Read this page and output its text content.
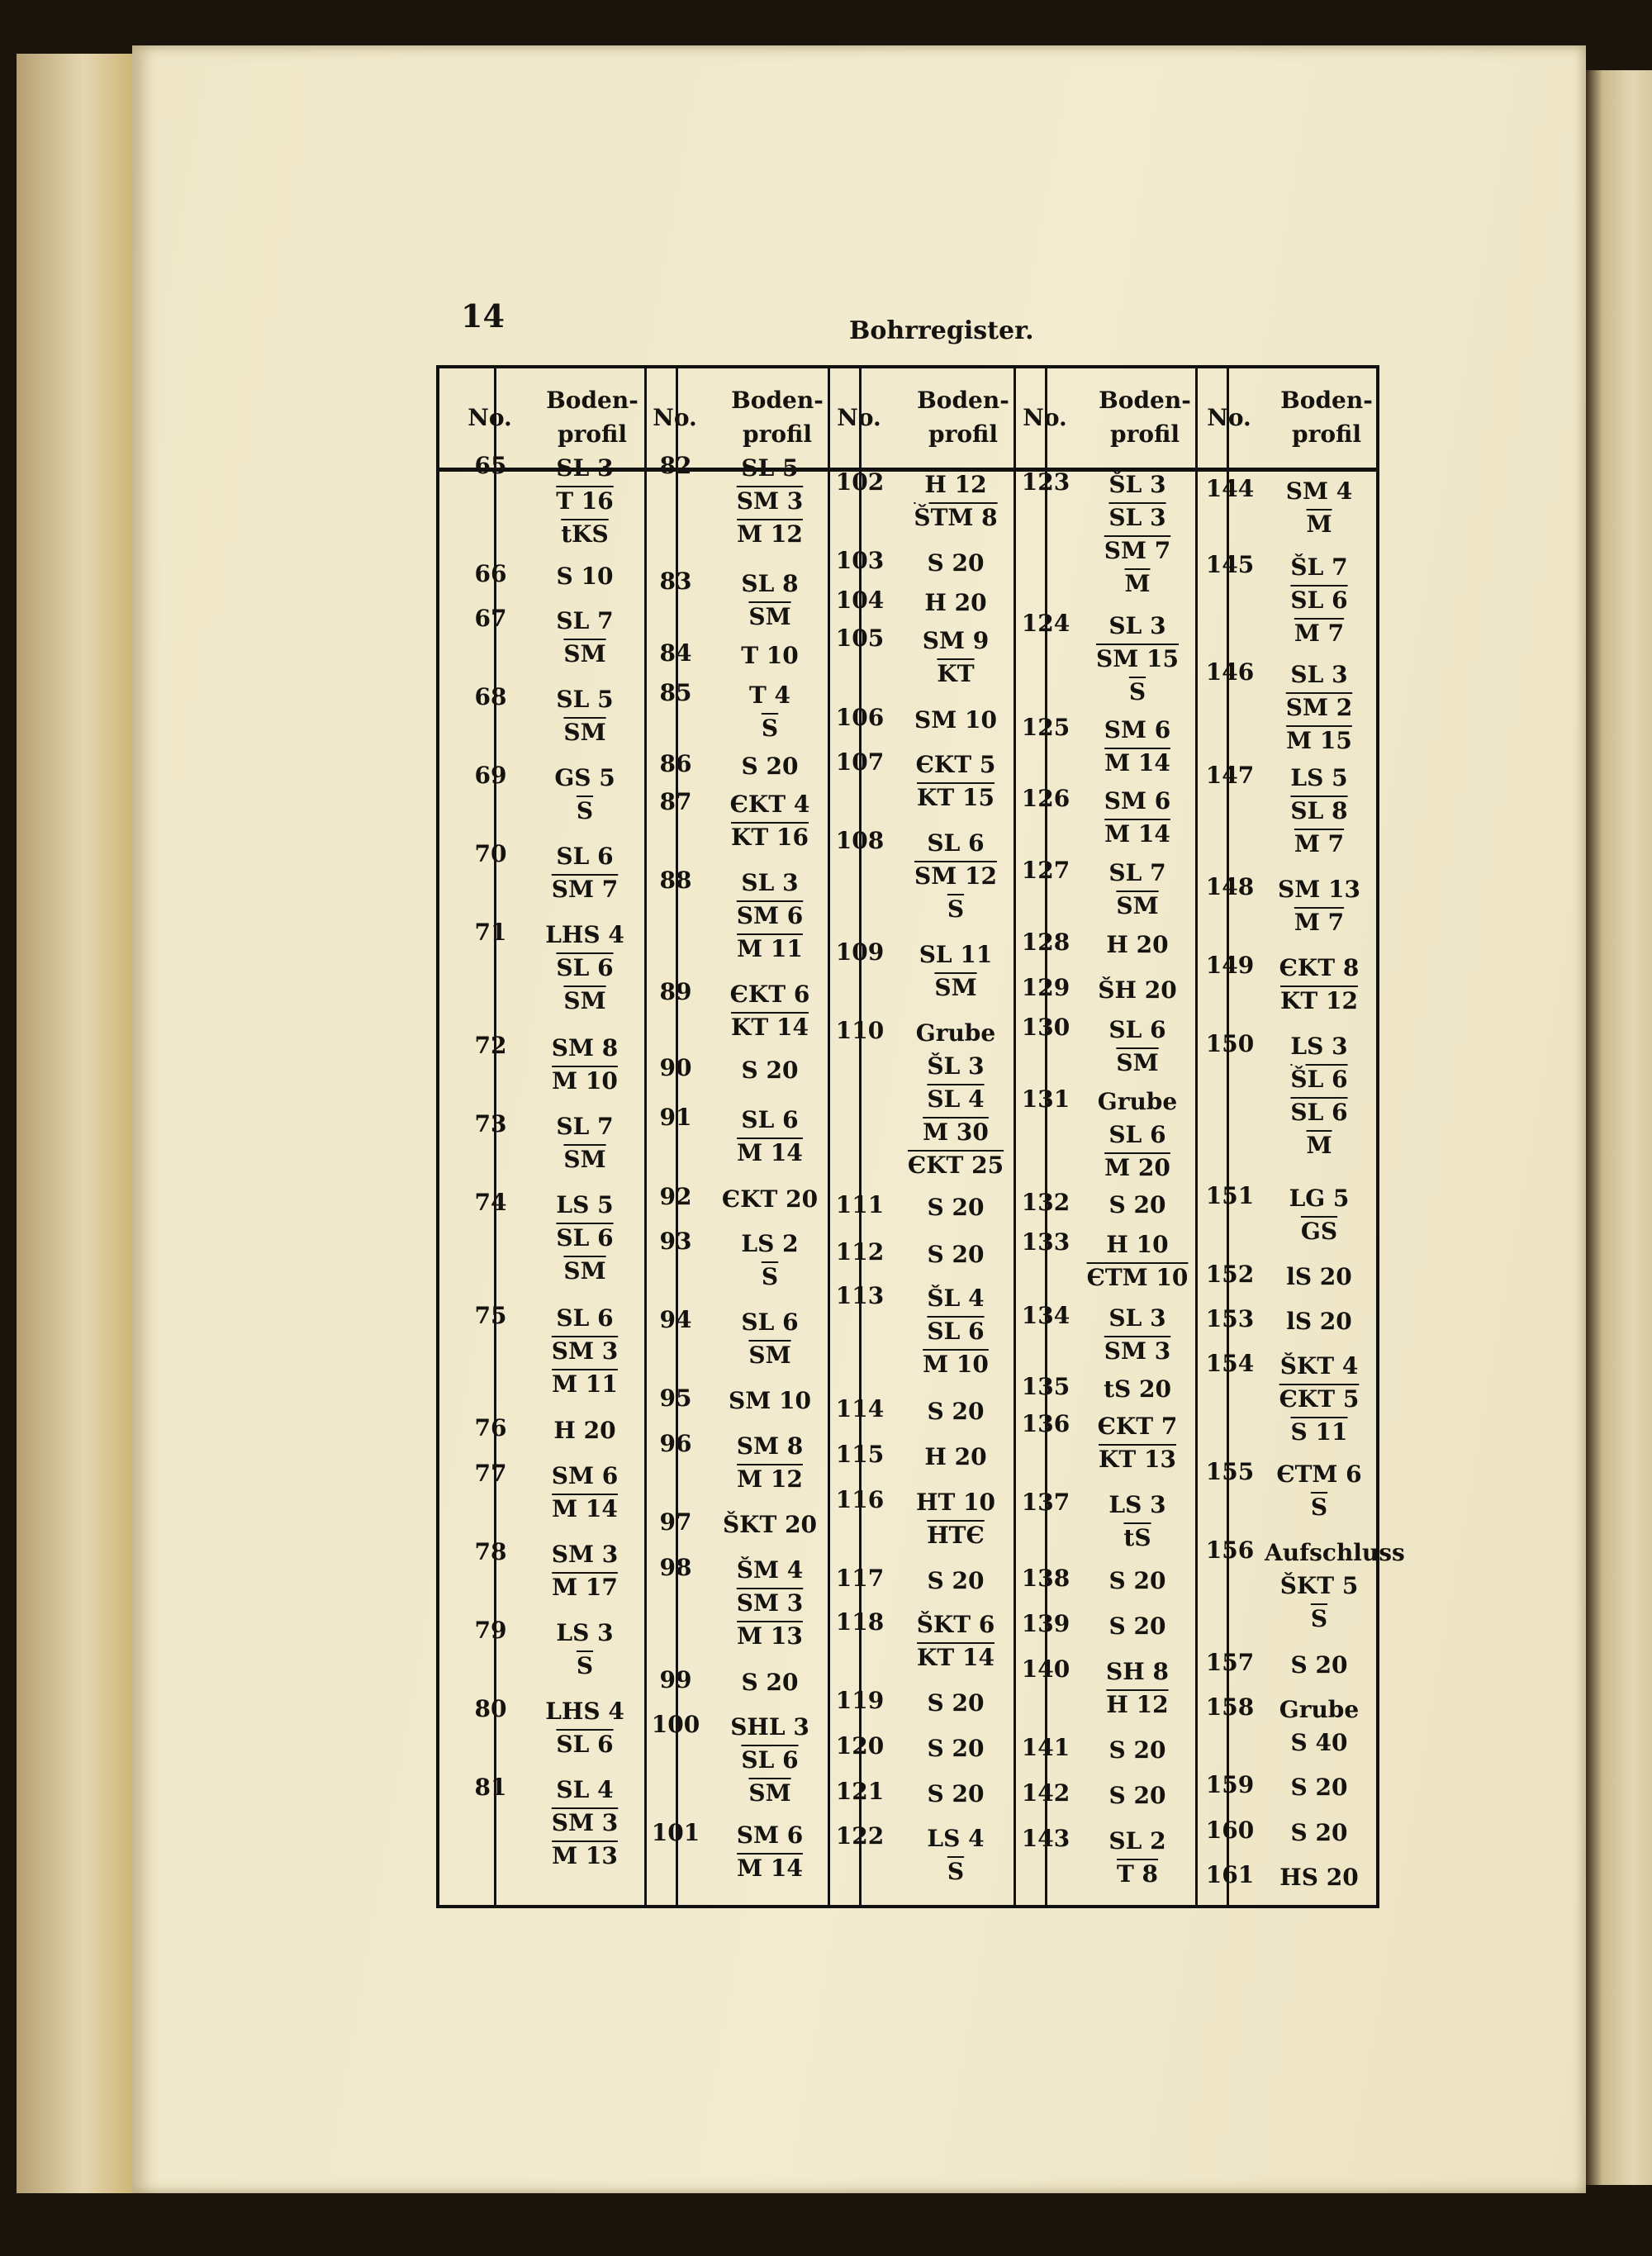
14	Bohrregister.
No.
Boden-
profil
65	SL 3
T 16
$\overline{tKS}$
66	S 10
67	SL 7
$\overline{SM}$
68	SL 5
$\overline{SM}$
69	GS 5
$\overline{S}$
70	SL 6
SM 7
71	LHS 4
SL 6
$\overline{SM}$
72	SM 8
M 10
73	SL 7
$\overline{SM}$
74	LS 5
SL 6
$\overline{SM}$
75	SL 6
SM 3
M 11
76	H 20
77	SM 6
M 14
78	SM 3
M 17
79	LS 3
$\overline{S}$
80	LHS 4
SL 6
81	SL 4
SM 3
M 13
No.
Boden-
profil
82	SL 5
SM 3
M 12
83	SL 8
$\overline{SM}$
84	T 10
85	T 4
$\overline{S}$
86	S 20
87	ЄKT 4
KT 16
88	SL 3
SM 6
M 11
89	ЄKT 6
KT 14
90	S 20
91	SL 6
M 14
92	ЄKT 20
93	LS 2
$\overline{S}$
94	SL 6
$\overline{SM}$
95	SM 10
96	SM 8
M 12
97	ŠKT 20
98	ŠM 4
SM 3
M 13
99	S 20
100	SHL 3
SL 6
$\overline{SM}$
101	SM 6
M 14
No.
Boden-
profil
102	H 12
ŠTM 8
103	S 20
104	H 20
105	SM 9
$\overline{KT}$
106	SM 10
107	ЄKT 5
KT 15
108	SL 6
SM 12
$\overline{S}$
109	SL 11
$\overline{SM}$
110	Grube
ŠL 3
SL 4
M 30
ЄKT 25
111	S 20
112	S 20
113	ŠL 4
SL 6
M 10
114	S 20
115	H 20
116	HT 10
HTЄ
117	S 20
118	ŠKT 6
KT 14
119	S 20
120	S 20
121	S 20
122	LS 4
$\overline{S}$
No.
Boden-
profil
123	ŠL 3
SL 3
SM 7
$\overline{M}$
124	SL 3
SM 15
$\overline{S}$
125	SM 6
M 14
126	SM 6
M 14
127	SL 7
$\overline{SM}$
128	H 20
129	ŠH 20
130	SL 6
$\overline{SM}$
131	Grube
SL 6
M 20
132	S 20
133	H 10
ЄTM 10
134	SL 3
SM 3
135	tS 20
136	ЄKT 7
KT 13
137	LS 3
$\overline{tS}$
138	S 20
139	S 20
140	SH 8
H 12
141	S 20
142	S 20
143	SL 2
T 8
No.
Boden-
profil
144	SM 4
$\overline{M}$
145	ŠL 7
SL 6
M 7
146	SL 3
SM 2
M 15
147	LS 5
SL 8
M 7
148	SM 13
M 7
149	ЄKT 8
KT 12
150	LS 3
ŠL 6
SL 6
$\overline{M}$
151	LG 5
$\overline{GS}$
152	lS 20
153	lS 20
154	ŠKT 4
ЄKT 5
S 11
155 ЄTM 6
$\overline{S}$
156 Aufschluss
ŠKT 5
$\overline{S}$
157	S 20
158	Grube
S 40
159	S 20
160	S 20
161	HS 20
